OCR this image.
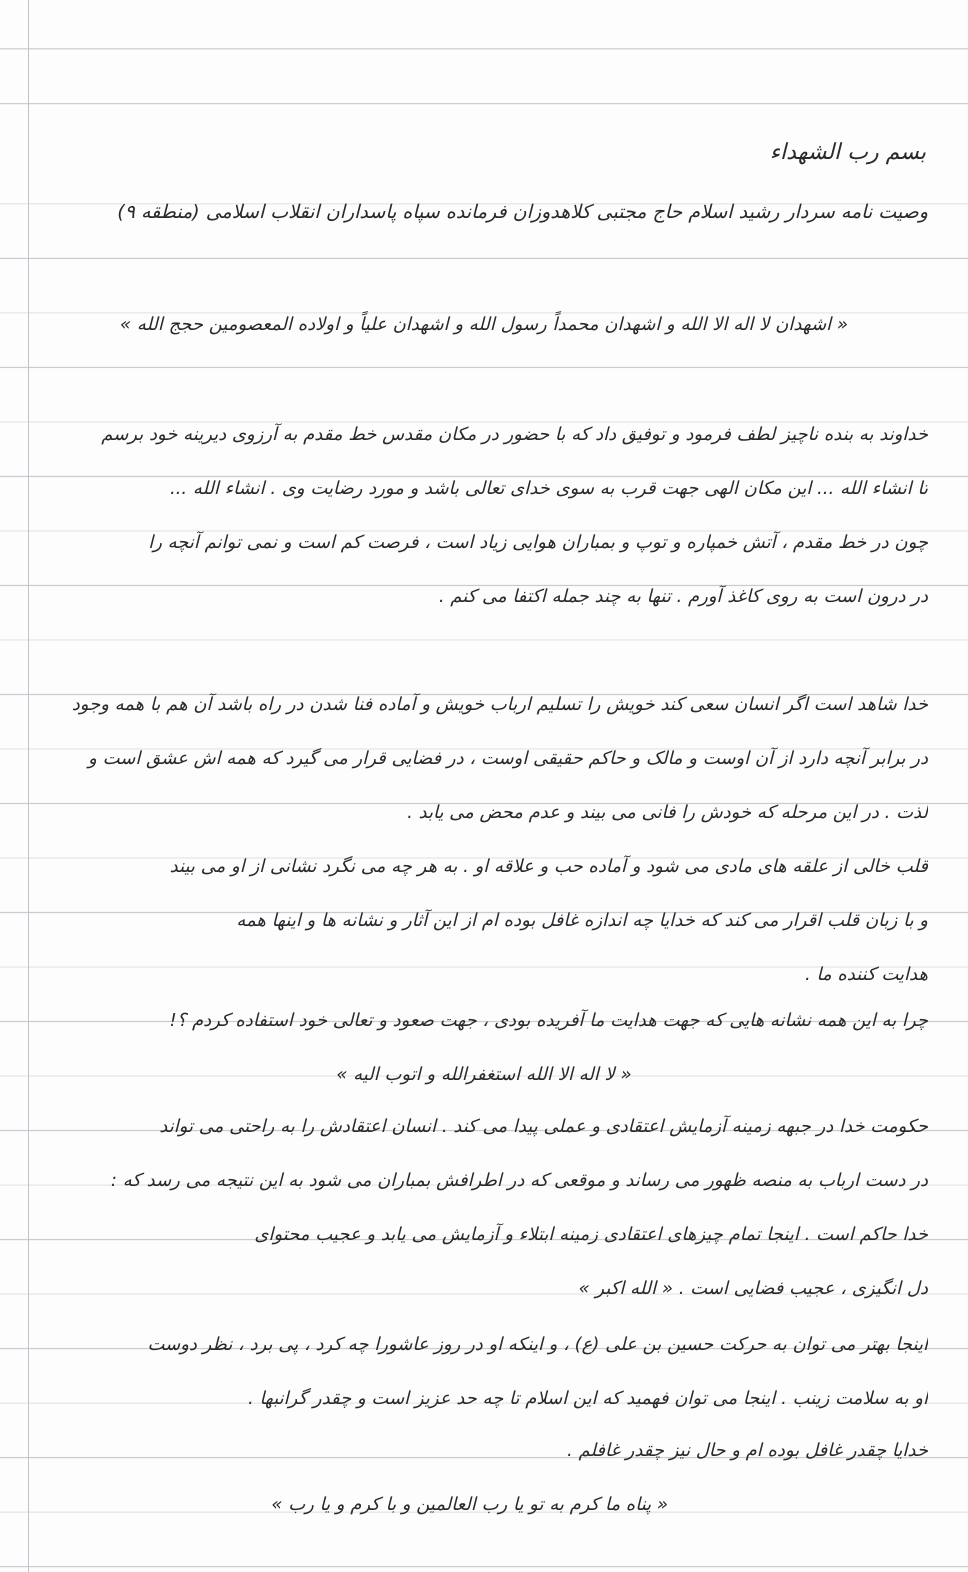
بسم رب الشهداء
وصیت نامه سردار رشید اسلام حاج مجتبی کلاهدوزان فرمانده سپاه پاسداران انقلاب اسلامی (منطقه ۹)
« اشهدان لا اله الا الله و اشهدان محمداً رسول الله و اشهدان علیاً و اولاده المعصومین حجج الله »
خداوند به بنده ناچیز لطف فرمود و توفیق داد که با حضور در مکان مقدس خط مقدم به آرزوی دیرینه خود برسم
تا انشاء الله ... این مکان الهی جهت قرب به سوی خدای تعالی باشد و مورد رضایت وی . انشاء الله ...
چون در خط مقدم ، آتش خمپاره و توپ و بمباران هوایی زیاد است ، فرصت کم است و نمی توانم آنچه را
در درون است به روی کاغذ آورم . تنها به چند جمله اکتفا می کنم .
خدا شاهد است اگر انسان سعی کند خویش را تسلیم ارباب خویش و آماده فنا شدن در راه باشد آن هم با همه وجود
در برابر آنچه دارد از آن اوست و مالک و حاکم حقیقی اوست ، در فضایی قرار می گیرد که همه اش عشق است و
لذت . در این مرحله که خودش را فانی می بیند و عدم محض می یابد .
قلب خالی از علقه های مادی می شود و آماده حب و علاقه او . به هر چه می نگرد نشانی از او می بیند
و با زبان قلب اقرار می کند که خدایا چه اندازه غافل بوده ام از این آثار و نشانه ها و اینها همه
هدایت کننده ما .
چرا به این همه نشانه هایی که جهت هدایت ما آفریده بودی ، جهت صعود و تعالی خود استفاده کردم ؟!
« لا اله الا الله استغفرالله و اتوب الیه »
حکومت خدا در جبهه زمینه آزمایش اعتقادی و عملی پیدا می کند . انسان اعتقادش را به راحتی می تواند
در دست ارباب به منصه ظهور می رساند و موقعی که در اطرافش بمباران می شود به این نتیجه می رسد که :
خدا حاکم است . اینجا تمام چیزهای اعتقادی زمینه ابتلاء و آزمایش می یابد و عجیب محتوای
دل انگیزی ، عجیب فضایی است . « الله اکبر »
اینجا بهتر می توان به حرکت حسین بن علی (ع) ، و اینکه او در روز عاشورا چه کرد ، پی برد ، نظر دوست
او به سلامت زینب . اینجا می توان فهمید که این اسلام تا چه حد عزیز است و چقدر گرانبها .
خدایا چقدر غافل بوده ام و حال نیز چقدر غافلم .
« پناه ما کرم به تو یا رب العالمین و با کرم و یا رب »
